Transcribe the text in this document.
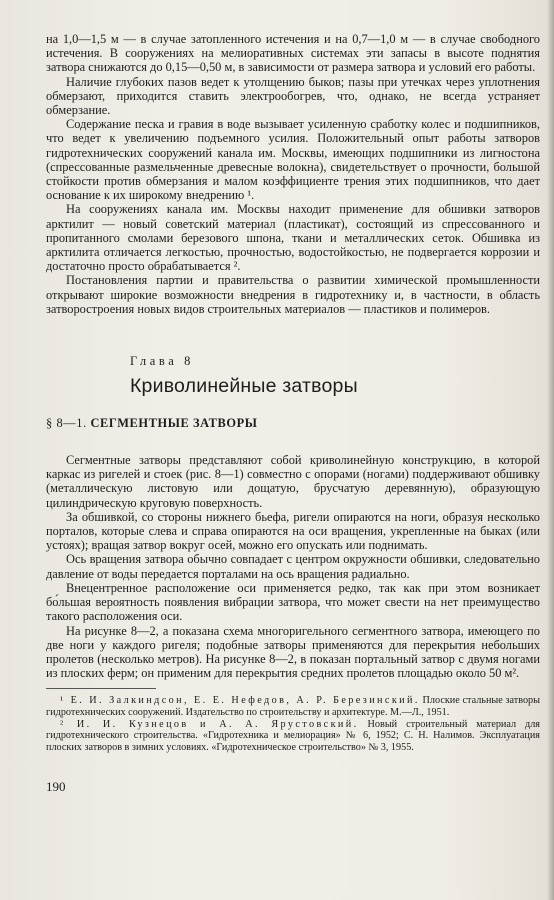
на 1,0—1,5 м — в случае затопленного истечения и на 0,7—1,0 м — в случае свободного истечения. В сооружениях на мелиоративных системах эти запасы в высоте поднятия затвора снижаются до 0,15—0,50 м, в зависимости от размера затвора и условий его работы.

Наличие глубоких пазов ведет к утолщению быков; пазы при утечках через уплотнения обмерзают, приходится ставить электрообогрев, что, однако, не всегда устраняет обмерзание.

Содержание песка и гравия в воде вызывает усиленную сработку колес и подшипников, что ведет к увеличению подъемного усилия. Положительный опыт работы затворов гидротехнических сооружений канала им. Москвы, имеющих подшипники из лигностона (спрессованные размельченные древесные волокна), свидетельствует о прочности, большой стойкости против обмерзания и малом коэффициенте трения этих подшипников, что дает основание к их широкому внедрению ¹.

На сооружениях канала им. Москвы находит применение для обшивки затворов арктилит — новый советский материал (пластикат), состоящий из спрессованного и пропитанного смолами березового шпона, ткани и металлических сеток. Обшивка из арктилита отличается легкостью, прочностью, водостойкостью, не подвергается коррозии и достаточно просто обрабатывается ².

Постановления партии и правительства о развитии химической промышленности открывают широкие возможности внедрения в гидротехнику и, в частности, в область затворостроения новых видов строительных материалов — пластиков и полимеров.

Глава 8
Криволинейные затворы
§ 8—1. СЕГМЕНТНЫЕ ЗАТВОРЫ

Сегментные затворы представляют собой криволинейную конструкцию, в которой каркас из ригелей и стоек (рис. 8—1) совместно с опорами (ногами) поддерживают обшивку (металлическую листовую или дощатую, брусчатую деревянную), образующую цилиндрическую круговую поверхность.

За обшивкой, со стороны нижнего бьефа, ригели опираются на ноги, образуя несколько порталов, которые слева и справа опираются на оси вращения, укрепленные на быках (или устоях); вращая затвор вокруг осей, можно его опускать или поднимать.

Ось вращения затвора обычно совпадает с центром окружности обшивки, следовательно давление от воды передается порталами на ось вращения радиально.

Внецентренное расположение оси применяется редко, так как при этом возникает бо́льшая вероятность появления вибрации затвора, что может свести на нет преимущество такого расположения оси.

На рисунке 8—2, а показана схема многоригельного сегментного затвора, имеющего по две ноги у каждого ригеля; подобные затворы применяются для перекрытия небольших пролетов (несколько метров). На рисунке 8—2, в показан портальный затвор с двумя ногами из плоских ферм; он применим для перекрытия средних пролетов площадью около 50 м².

¹ Е. И. Залкиндсон, Е. Е. Нефедов, А. Р. Березинский. Плоские стальные затворы гидротехнических сооружений. Издательство по строительству и архитектуре. М.—Л., 1951.

² И. И. Кузнецов и А. А. Ярустовский. Новый строительный материал для гидротехнического строительства. «Гидротехника и мелиорация» № 6, 1952; С. Н. Налимов. Эксплуатация плоских затворов в зимних условиях. «Гидротехническое строительство» № 3, 1955.

190
